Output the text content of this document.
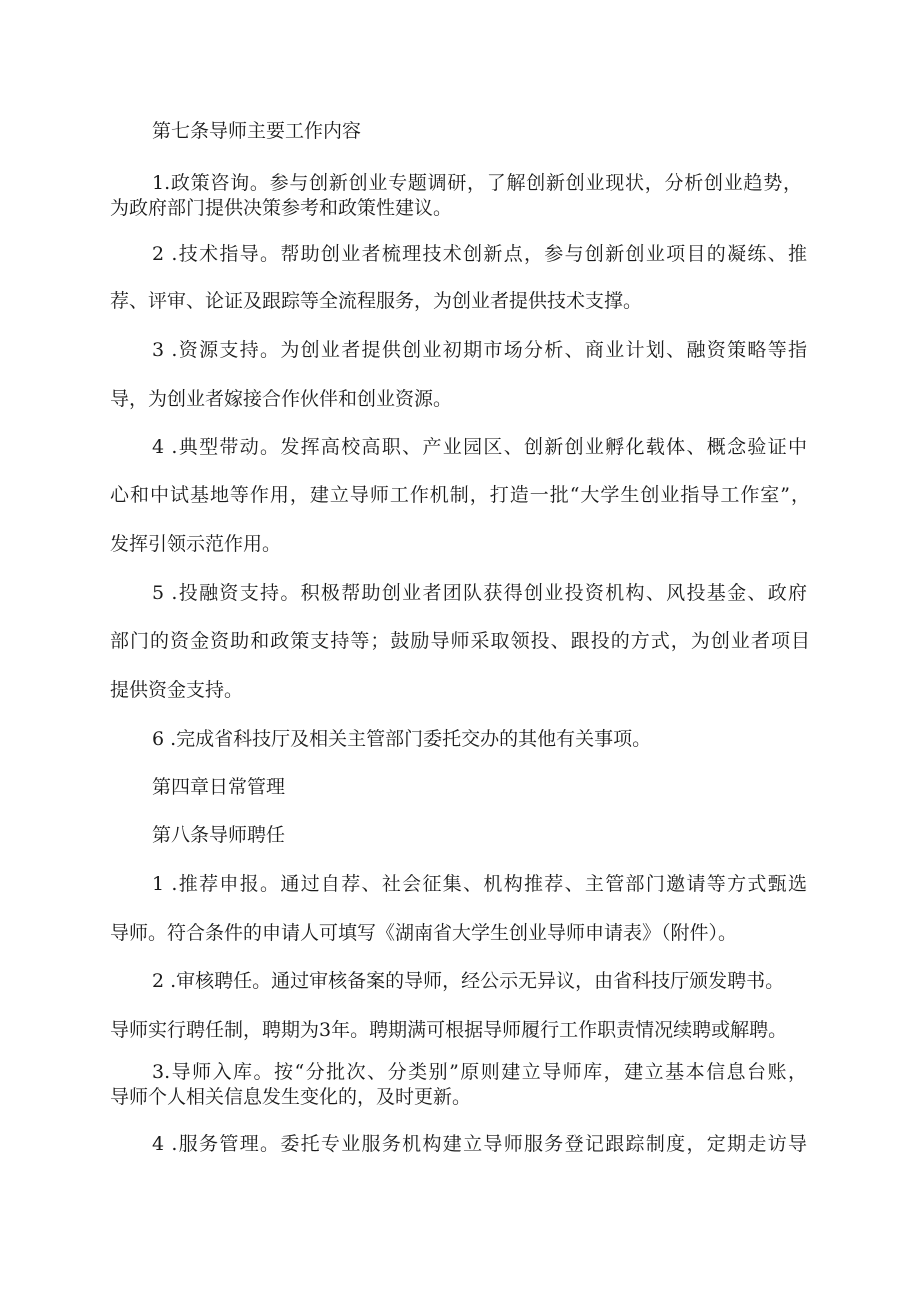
第七条导师主要工作内容
1.政策咨询。参与创新创业专题调研，了解创新创业现状，分析创业趋势，
为政府部门提供决策参考和政策性建议。
2 .技术指导。帮助创业者梳理技术创新点，参与创新创业项目的凝练、推
荐、评审、论证及跟踪等全流程服务，为创业者提供技术支撑。
3 .资源支持。为创业者提供创业初期市场分析、商业计划、融资策略等指
导，为创业者嫁接合作伙伴和创业资源。
4 .典型带动。发挥高校高职、产业园区、创新创业孵化载体、概念验证中
心和中试基地等作用，建立导师工作机制，打造一批“大学生创业指导工作室”，
发挥引领示范作用。
5 .投融资支持。积极帮助创业者团队获得创业投资机构、风投基金、政府
部门的资金资助和政策支持等；鼓励导师采取领投、跟投的方式，为创业者项目
提供资金支持。
6 .完成省科技厅及相关主管部门委托交办的其他有关事项。
第四章日常管理
第八条导师聘任
1 .推荐申报。通过自荐、社会征集、机构推荐、主管部门邀请等方式甄选
导师。符合条件的申请人可填写《湖南省大学生创业导师申请表》（附件）。
2 .审核聘任。通过审核备案的导师，经公示无异议，由省科技厅颁发聘书。
导师实行聘任制，聘期为3年。聘期满可根据导师履行工作职责情况续聘或解聘。
3.导师入库。按“分批次、分类别”原则建立导师库，建立基本信息台账，
导师个人相关信息发生变化的，及时更新。
4 .服务管理。委托专业服务机构建立导师服务登记跟踪制度，定期走访导
